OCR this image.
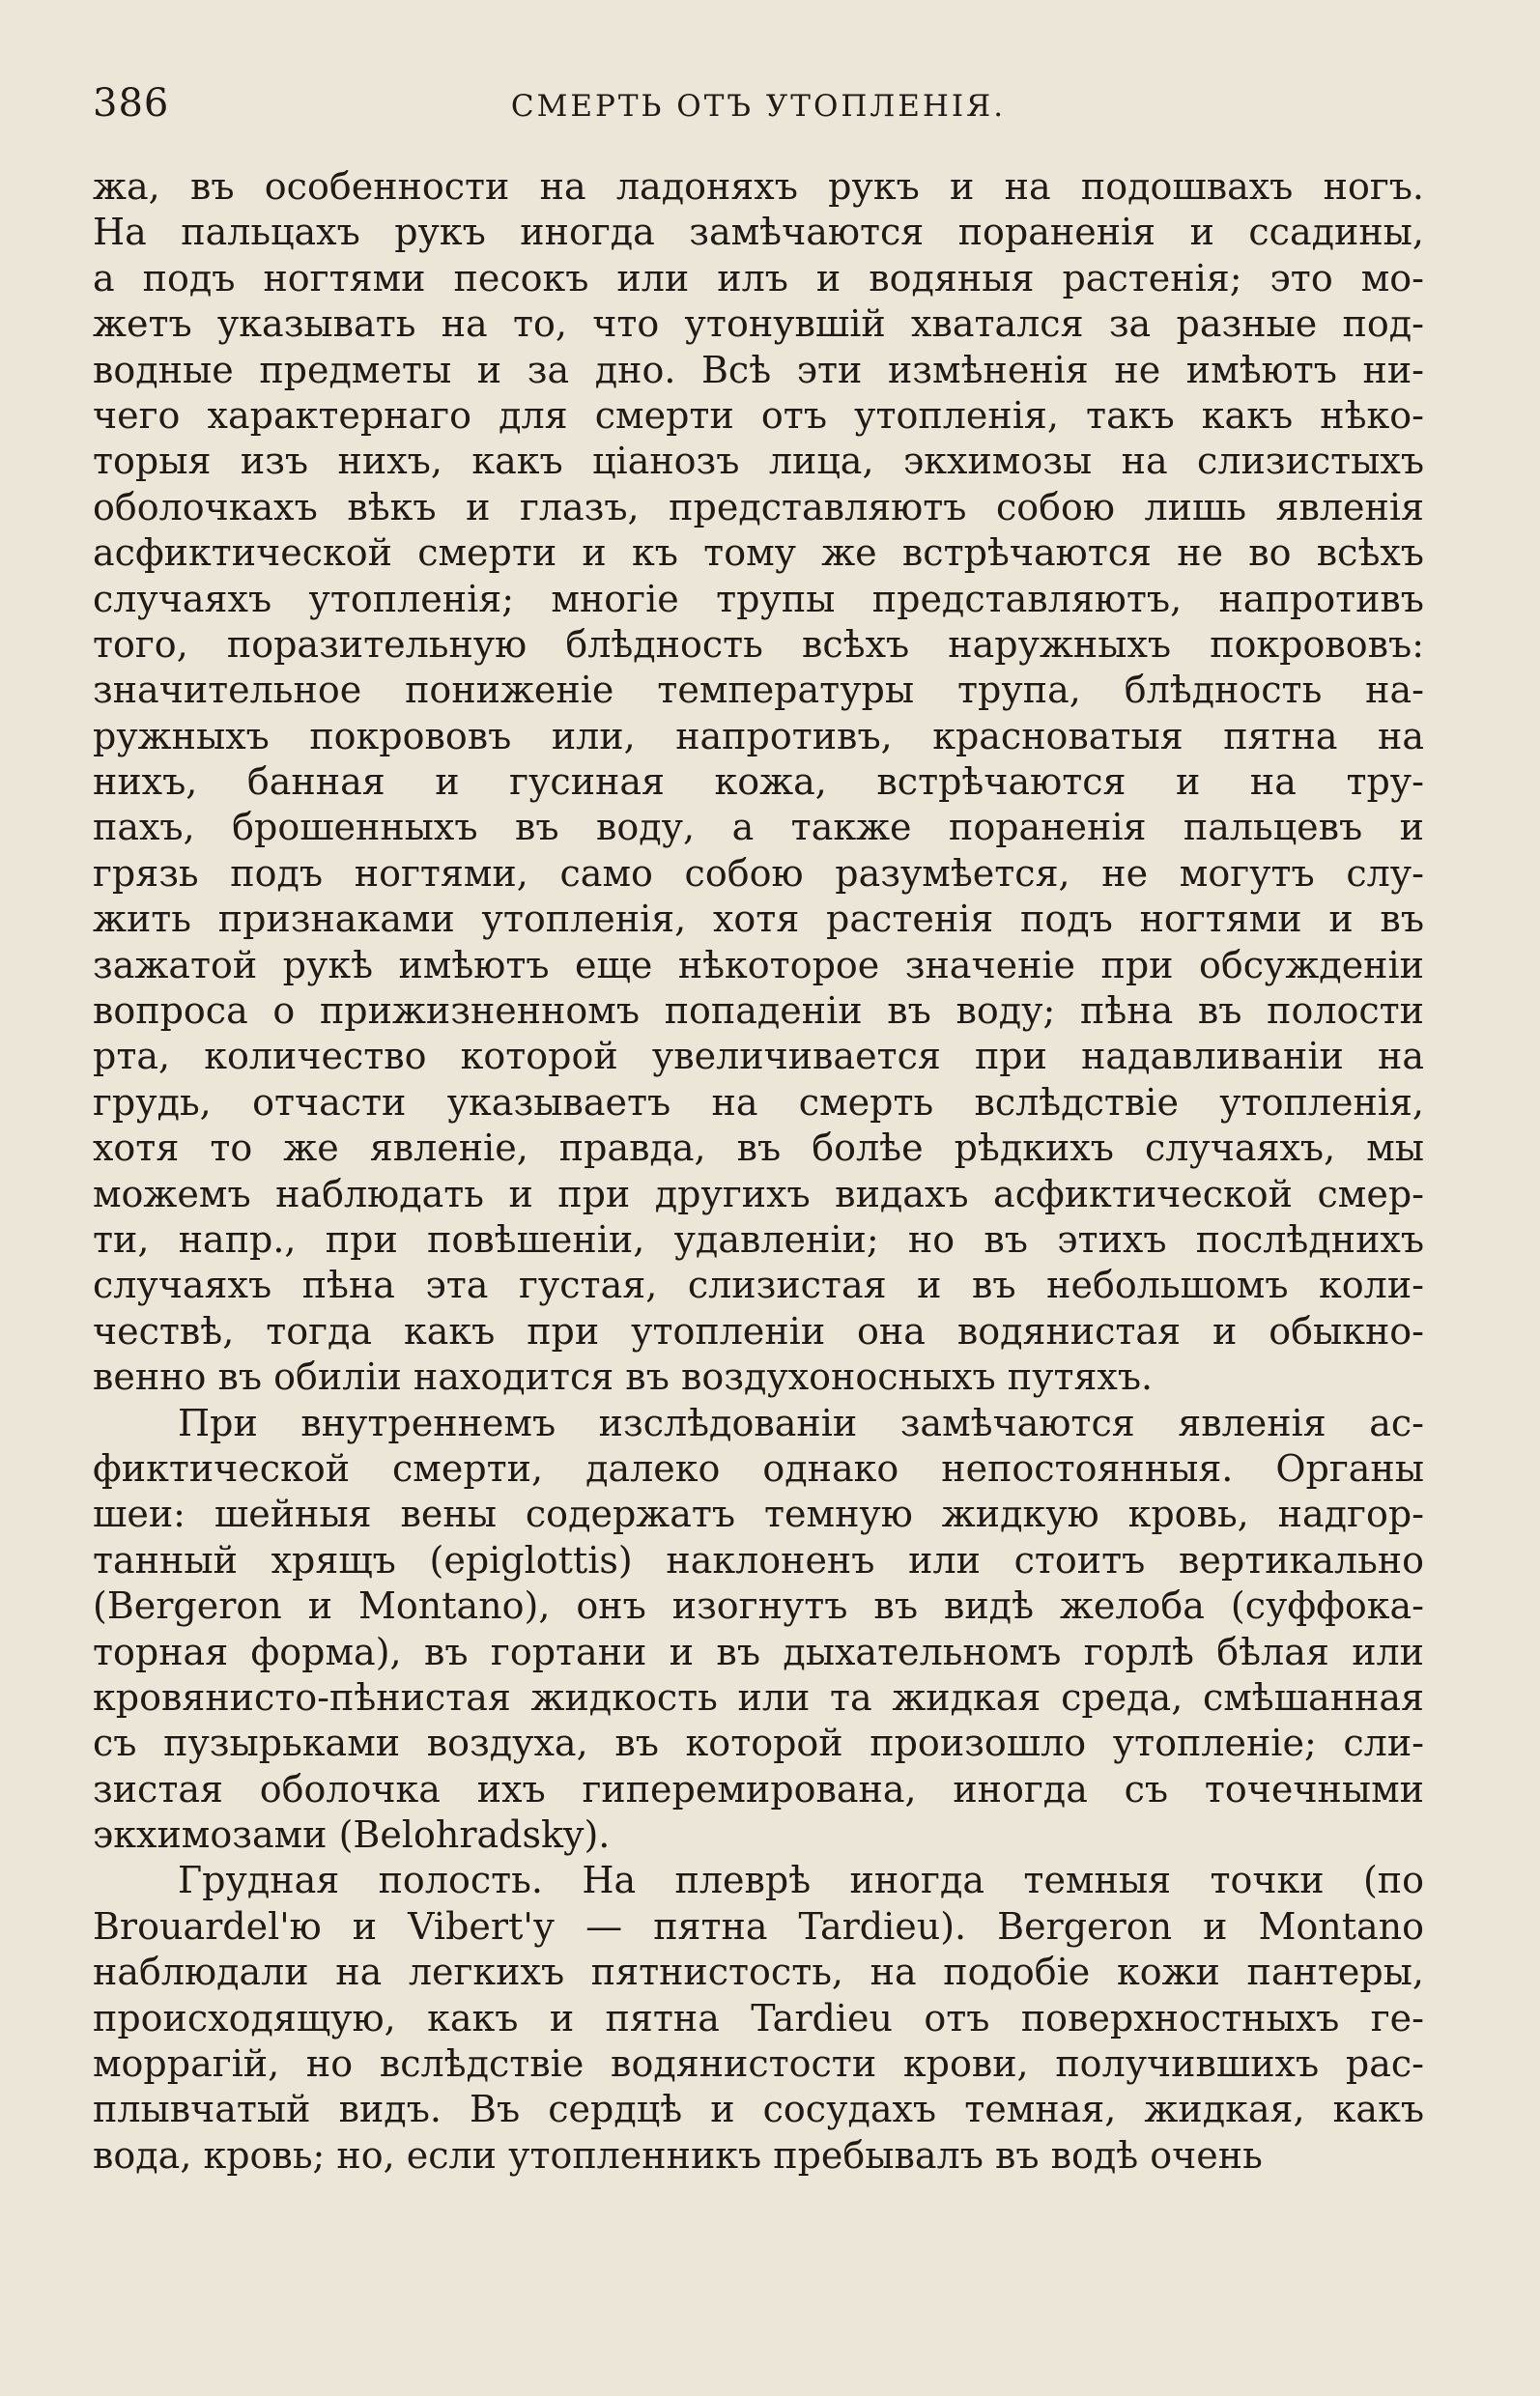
386	СМЕРТЬ ОТЪ УТОПЛЕНІЯ.
жа, въ особенности на ладоняхъ рукъ и на подошвахъ ногъ.
На пальцахъ рукъ иногда замѣчаются пораненія и ссадины,
а подъ ногтями песокъ или илъ и водяныя растенія; это мо-
жетъ указывать на то, что утонувшій хватался за разные под-
водные предметы и за дно. Всѣ эти измѣненія не имѣютъ ни-
чего характернаго для смерти отъ утопленія, такъ какъ нѣко-
торыя изъ нихъ, какъ ціанозъ лица, экхимозы на слизистыхъ
оболочкахъ вѣкъ и глазъ, представляютъ собою лишь явленія
асфиктической смерти и къ тому же встрѣчаются не во всѣхъ
случаяхъ утопленія; многіе трупы представляютъ, напротивъ
того, поразительную блѣдность всѣхъ наружныхъ покрововъ:
значительное пониженіе температуры трупа, блѣдность на-
ружныхъ покрововъ или, напротивъ, красноватыя пятна на
нихъ, банная и гусиная кожа, встрѣчаются и на тру-
пахъ, брошенныхъ въ воду, а также пораненія пальцевъ и
грязь подъ ногтями, само собою разумѣется, не могутъ слу-
жить признаками утопленія, хотя растенія подъ ногтями и въ
зажатой рукѣ имѣютъ еще нѣкоторое значеніе при обсужденіи
вопроса о прижизненномъ попаденіи въ воду; пѣна въ полости
рта, количество которой увеличивается при надавливаніи на
грудь, отчасти указываетъ на смерть вслѣдствіе утопленія,
хотя то же явленіе, правда, въ болѣе рѣдкихъ случаяхъ, мы
можемъ наблюдать и при другихъ видахъ асфиктической смер-
ти, напр., при повѣшеніи, удавленіи; но въ этихъ послѣднихъ
случаяхъ пѣна эта густая, слизистая и въ небольшомъ коли-
чествѣ, тогда какъ при утопленіи она водянистая и обыкно-
венно въ обиліи находится въ воздухоносныхъ путяхъ.
При внутреннемъ изслѣдованіи замѣчаются явленія ас-
фиктической смерти, далеко однако непостоянныя. Органы
шеи: шейныя вены содержатъ темную жидкую кровь, надгор-
танный хрящъ (epiglottis) наклоненъ или стоитъ вертикально
(Bergeron и Montano), онъ изогнутъ въ видѣ желоба (суффока-
торная форма), въ гортани и въ дыхательномъ горлѣ бѣлая или
кровянисто-пѣнистая жидкость или та жидкая среда, смѣшанная
съ пузырьками воздуха, въ которой произошло утопленіе; сли-
зистая оболочка ихъ гиперемирована, иногда съ точечными
экхимозами (Belohradsky).
Грудная полость. На плеврѣ иногда темныя точки (по
Brouardel'ю и Vibert'у — пятна Tardieu). Bergeron и Montano
наблюдали на легкихъ пятнистость, на подобіе кожи пантеры,
происходящую, какъ и пятна Tardieu отъ поверхностныхъ ге-
моррагій, но вслѣдствіе водянистости крови, получившихъ рас-
плывчатый видъ. Въ сердцѣ и сосудахъ темная, жидкая, какъ
вода, кровь; но, если утопленникъ пребывалъ въ водѣ очень
